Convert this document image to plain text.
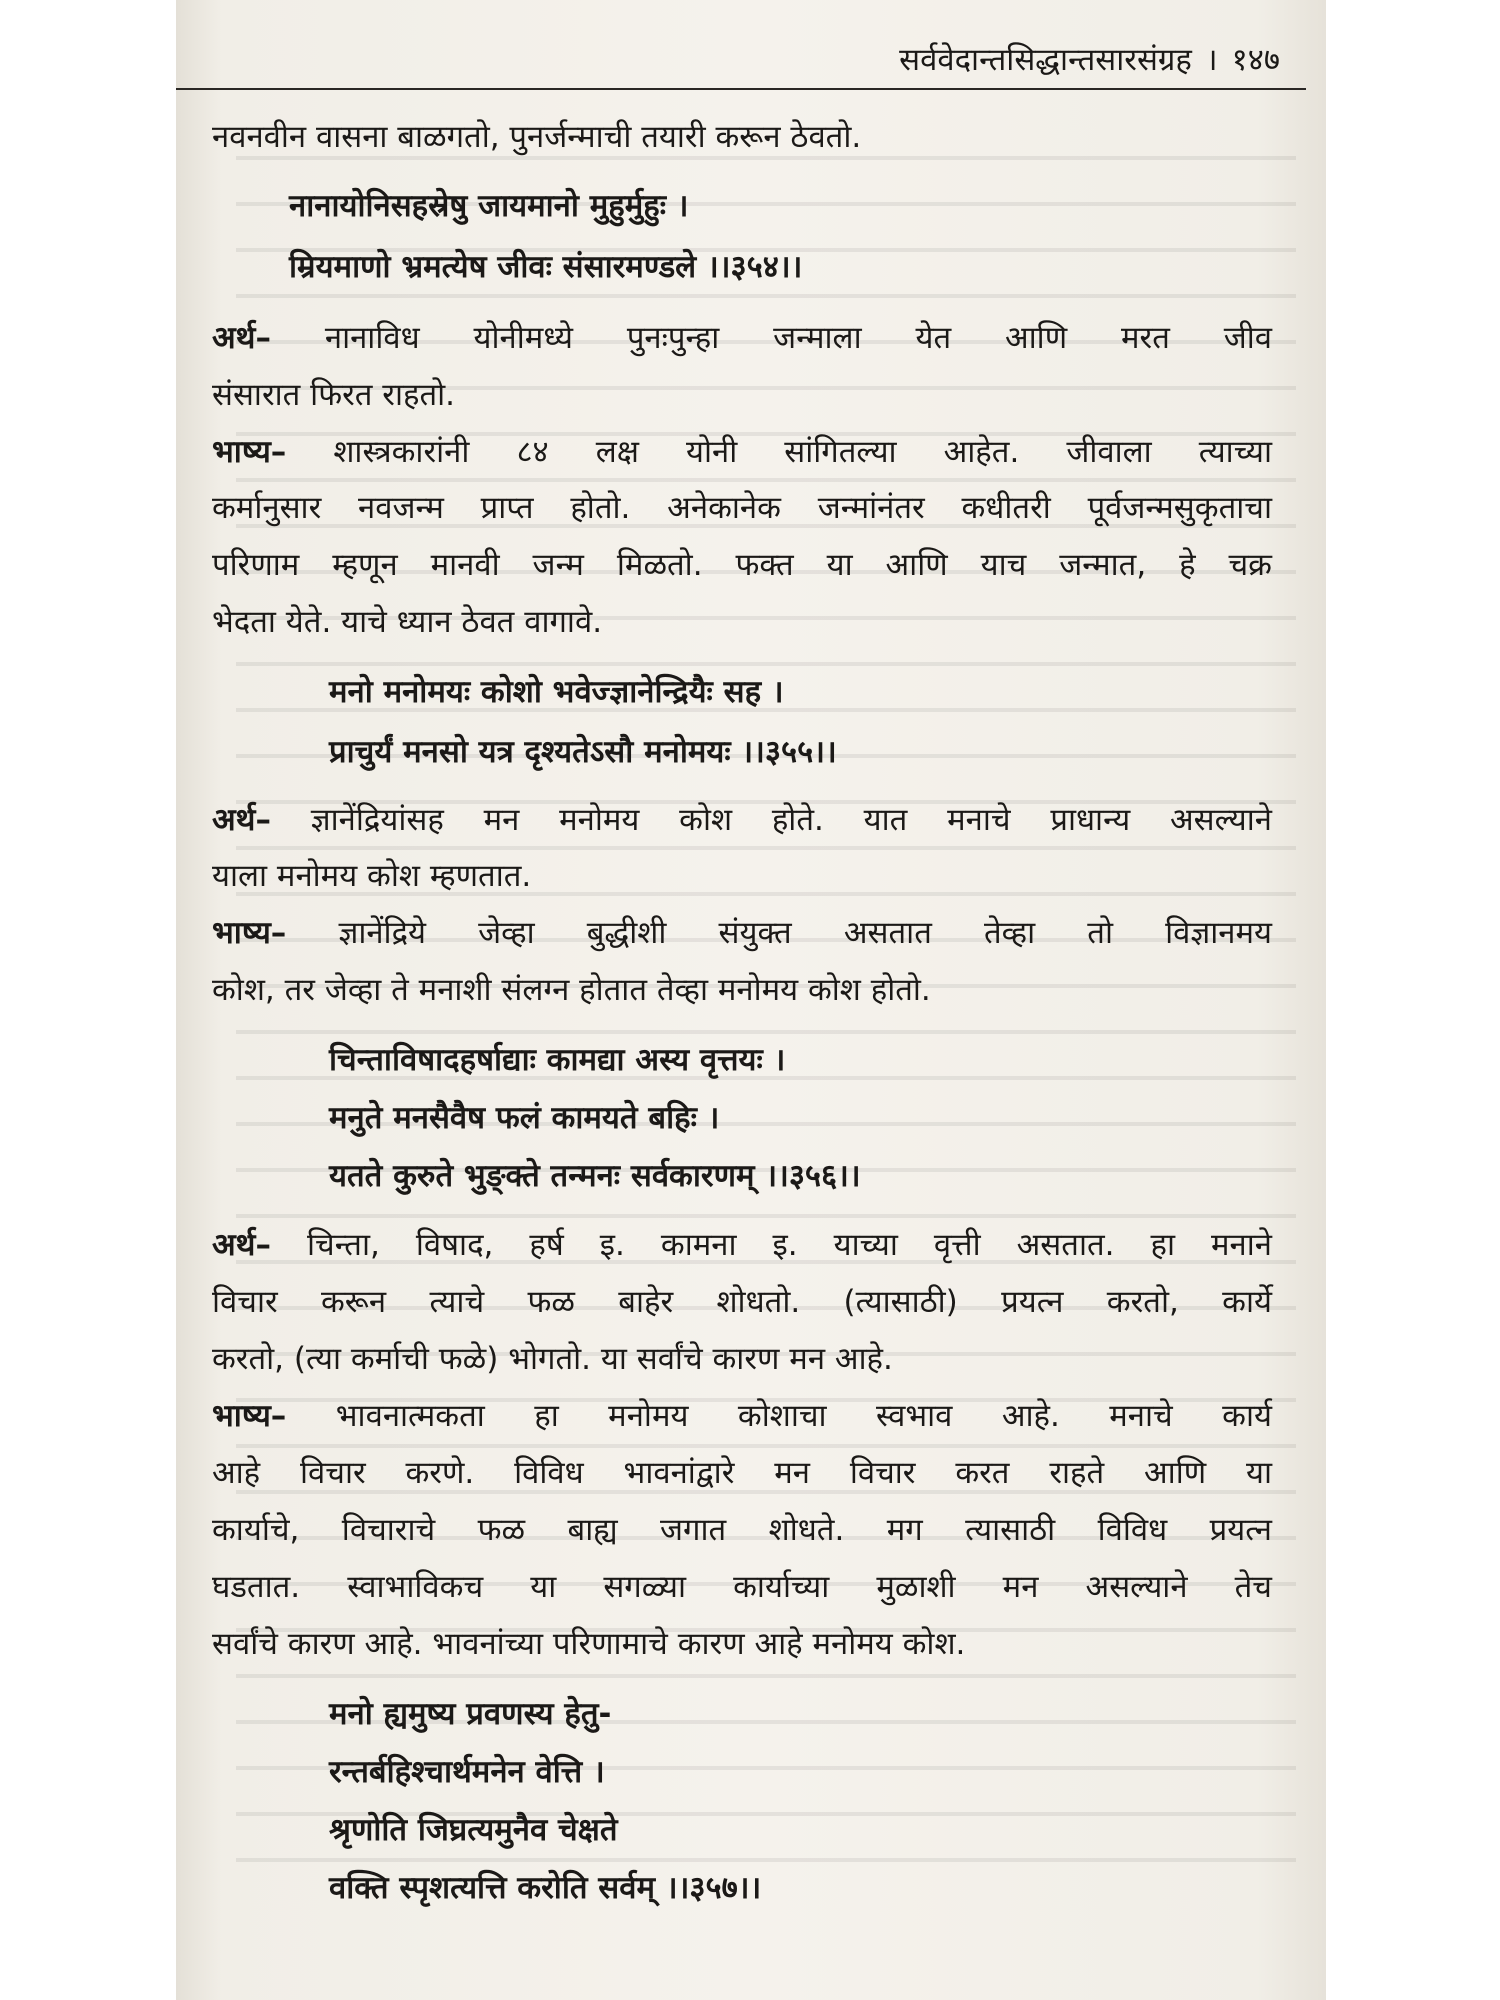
सर्ववेदान्तसिद्धान्तसारसंग्रह । १४७
नवनवीन वासना बाळगतो, पुनर्जन्माची तयारी करून ठेवतो.
नानायोनिसहस्रेषु जायमानो मुहुर्मुहुः ।
म्रियमाणो भ्रमत्येष जीवः संसारमण्डले ।।३५४।।
अर्थ– नानाविध योनीमध्ये पुनःपुन्हा जन्माला येत आणि मरत जीव
संसारात फिरत राहतो.
भाष्य– शास्त्रकारांनी ८४ लक्ष योनी सांगितल्या आहेत. जीवाला त्याच्या
कर्मानुसार नवजन्म प्राप्त होतो. अनेकानेक जन्मांनंतर कधीतरी पूर्वजन्मसुकृताचा
परिणाम म्हणून मानवी जन्म मिळतो. फक्त या आणि याच जन्मात, हे चक्र
भेदता येते. याचे ध्यान ठेवत वागावे.
मनो मनोमयः कोशो भवेज्ज्ञानेन्द्रियैः सह ।
प्राचुर्यं मनसो यत्र दृश्यतेऽसौ मनोमयः ।।३५५।।
अर्थ– ज्ञानेंद्रियांसह मन मनोमय कोश होते. यात मनाचे प्राधान्य असल्याने
याला मनोमय कोश म्हणतात.
भाष्य– ज्ञानेंद्रिये जेव्हा बुद्धीशी संयुक्त असतात तेव्हा तो विज्ञानमय
कोश, तर जेव्हा ते मनाशी संलग्न होतात तेव्हा मनोमय कोश होतो.
चिन्ताविषादहर्षाद्याः कामद्या अस्य वृत्तयः ।
मनुते मनसैवैष फलं कामयते बहिः ।
यतते कुरुते भुङ्क्ते तन्मनः सर्वकारणम् ।।३५६।।
अर्थ– चिन्ता, विषाद, हर्ष इ. कामना इ. याच्या वृत्ती असतात. हा मनाने
विचार करून त्याचे फळ बाहेर शोधतो. (त्यासाठी) प्रयत्न करतो, कार्ये
करतो, (त्या कर्माची फळे) भोगतो. या सर्वांचे कारण मन आहे.
भाष्य– भावनात्मकता हा मनोमय कोशाचा स्वभाव आहे. मनाचे कार्य
आहे विचार करणे. विविध भावनांद्वारे मन विचार करत राहते आणि या
कार्याचे, विचाराचे फळ बाह्य जगात शोधते. मग त्यासाठी विविध प्रयत्न
घडतात. स्वाभाविकच या सगळ्या कार्याच्या मुळाशी मन असल्याने तेच
सर्वांचे कारण आहे. भावनांच्या परिणामाचे कारण आहे मनोमय कोश.
मनो ह्यमुष्य प्रवणस्य हेतु-
रन्तर्बहिश्चार्थमनेन वेत्ति ।
श्रृणोति जिघ्रत्यमुनैव चेक्षते
वक्ति स्पृशत्यत्ति करोति सर्वम् ।।३५७।।
